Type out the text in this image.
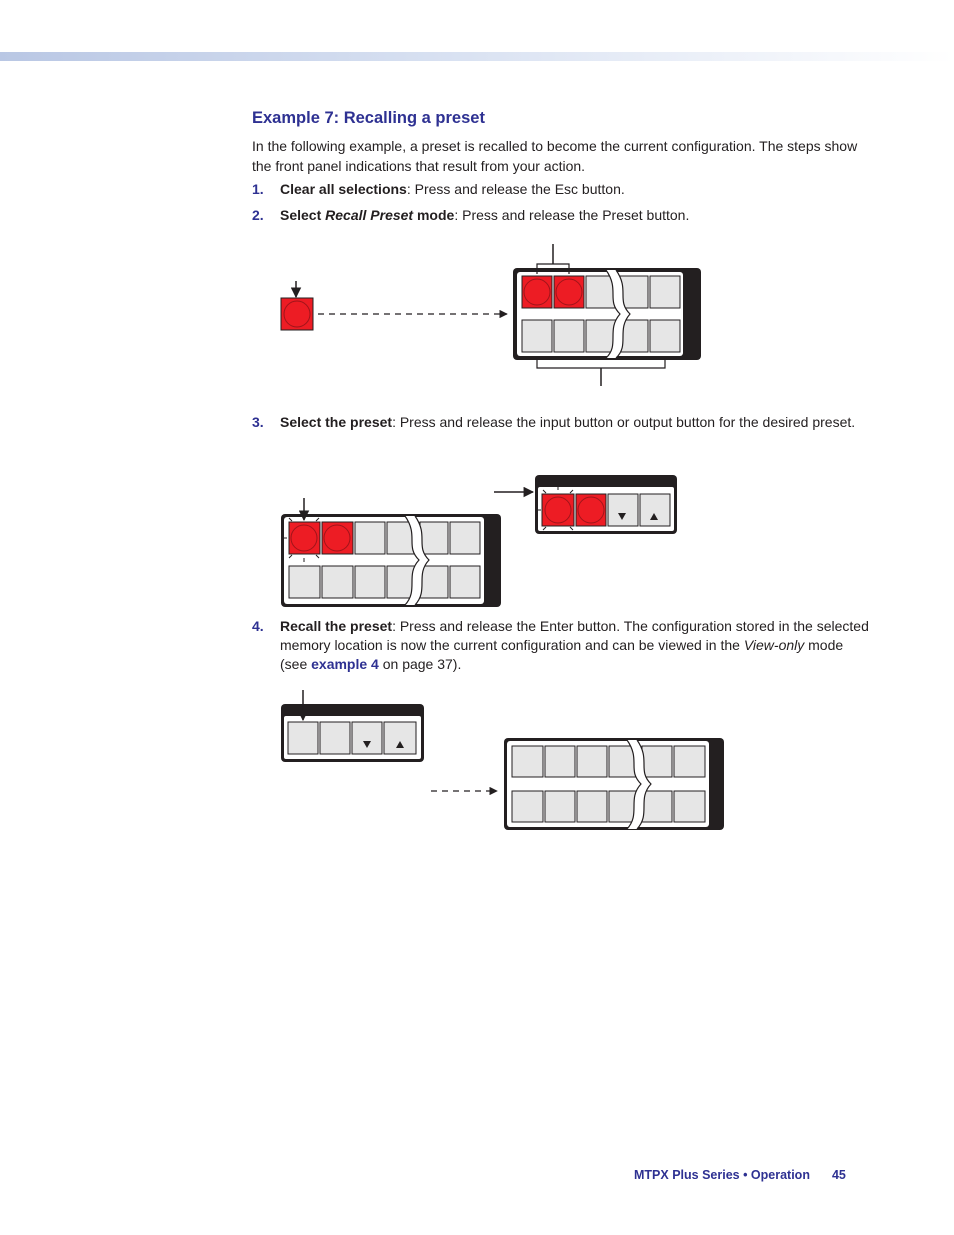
Example 7: Recalling a preset

In the following example, a preset is recalled to become the current configuration. The steps show the front panel indications that result from your action.

1. Clear all selections: Press and release the Esc button.
2. Select Recall Preset mode: Press and release the Preset button.
3. Select the preset: Press and release the input button or output button for the desired preset.
4. Recall the preset: Press and release the Enter button. The configuration stored in the selected memory location is now the current configuration and can be viewed in the View-only mode (see example 4 on page 37).
MTPX Plus Series • Operation 45
